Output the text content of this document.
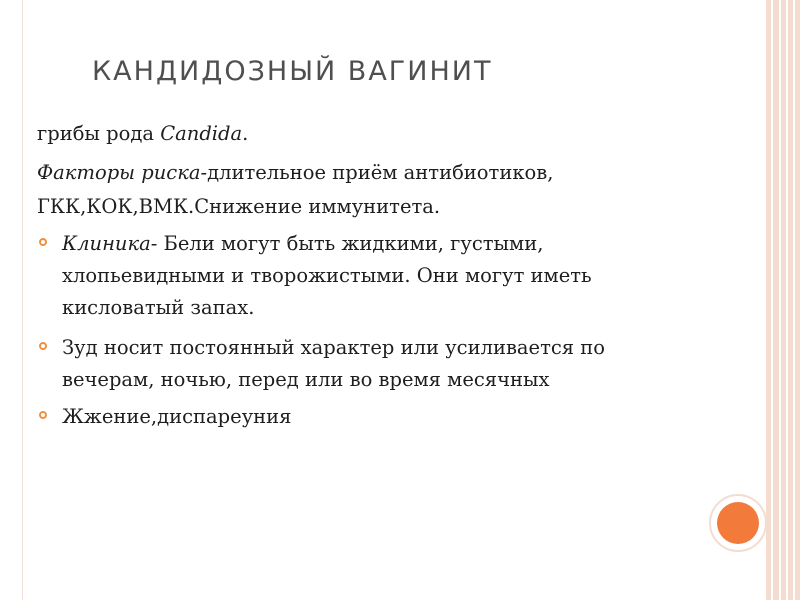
КАНДИДОЗНЫЙ ВАГИНИТ
грибы рода Candida.
Факторы риска-длительное приём антибиотиков,
ГКК,КОК,ВМК.Снижение иммунитета.
Клиника- Бели могут быть жидкими, густыми,
хлопьевидными и творожистыми. Они могут иметь
кисловатый запах.
Зуд носит постоянный характер или усиливается по
вечерам, ночью, перед или во время месячных
Жжение,диспареуния
